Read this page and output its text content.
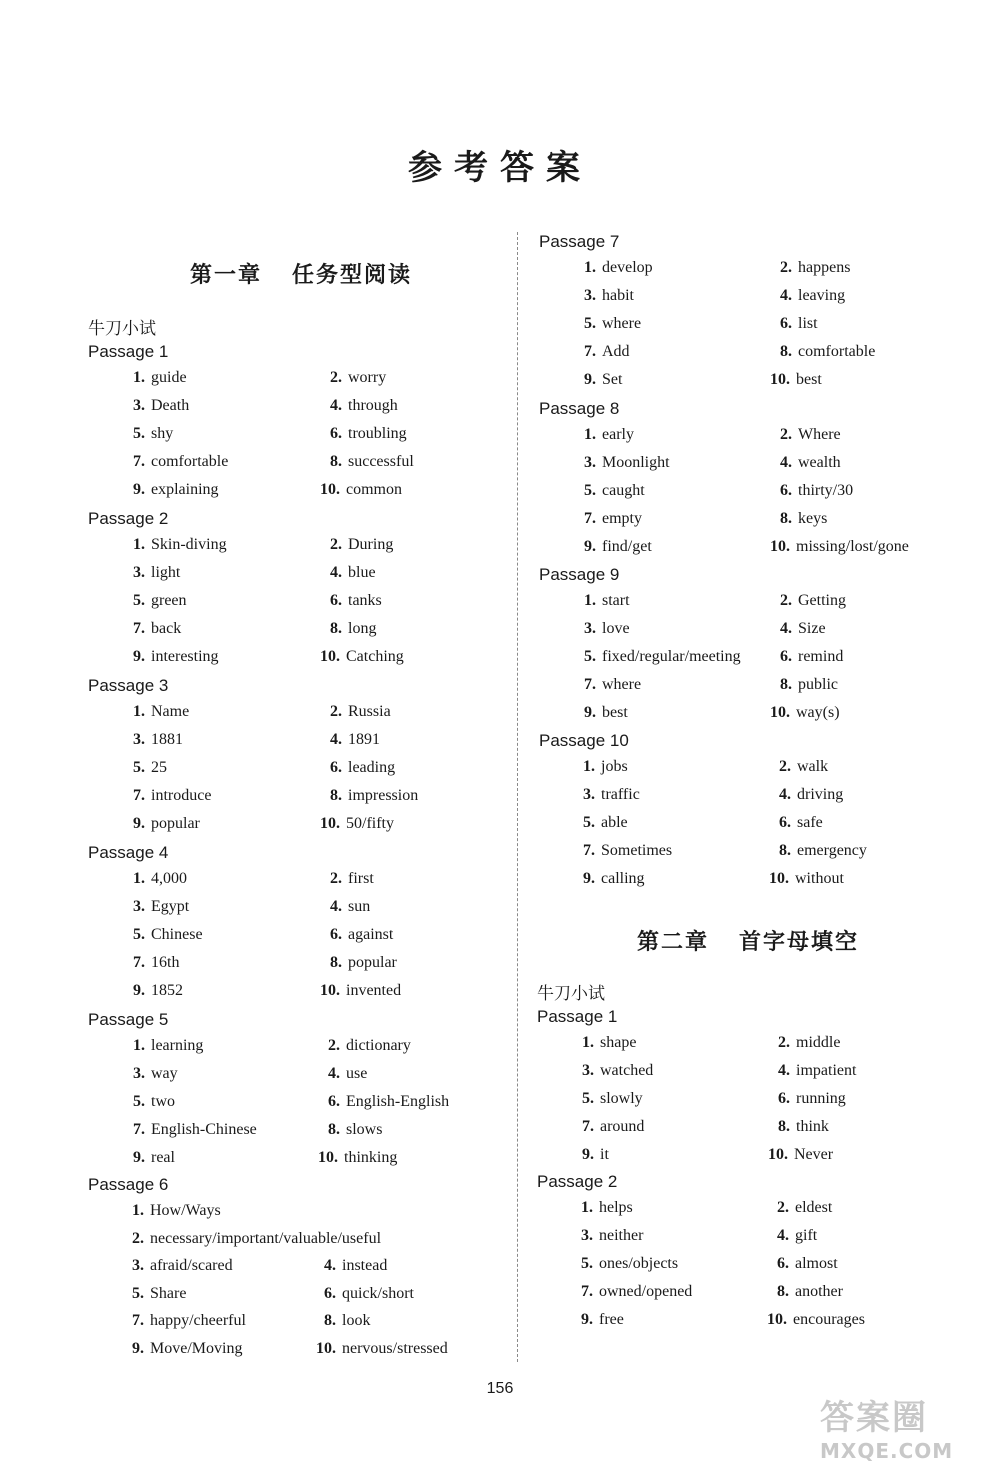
参考答案
第一章 任务型阅读
牛刀小试
第二章 首字母填空
牛刀小试
Passage 1
1. guide	2. worry
3. Death	4. through
5. shy	6. troubling
7. comfortable	8. successful
9. explaining	10. common
Passage 2
1. Skin-diving	2. During
3. light	4. blue
5. green	6. tanks
7. back	8. long
9. interesting	10. Catching
Passage 3
1. Name	2. Russia
3. 1881	4. 1891
5. 25	6. leading
7. introduce	8. impression
9. popular	10. 50/fifty
Passage 4
1. 4,000	2. first
3. Egypt	4. sun
5. Chinese	6. against
7. 16th	8. popular
9. 1852	10. invented
Passage 5
1. learning	2. dictionary
3. way	4. use
5. two	6. English-English
7. English-Chinese	8. slows
9. real	10. thinking
Passage 6
1. How/Ways
2. necessary/important/valuable/useful
3. afraid/scared	4. instead
5. Share	6. quick/short
7. happy/cheerful	8. look
9. Move/Moving	10. nervous/stressed
Passage 7
1. develop	2. happens
3. habit	4. leaving
5. where	6. list
7. Add	8. comfortable
9. Set	10. best
Passage 8
1. early	2. Where
3. Moonlight	4. wealth
5. caught	6. thirty/30
7. empty	8. keys
9. find/get	10. missing/lost/gone
Passage 9
1. start	2. Getting
3. love	4. Size
5. fixed/regular/meeting 6. remind
7. where	8. public
9. best	10. way(s)
Passage 10
1. jobs	2. walk
3. traffic	4. driving
5. able	6. safe
7. Sometimes	8. emergency
9. calling	10. without
Passage 1
1. shape	2. middle
3. watched	4. impatient
5. slowly	6. running
7. around	8. think
9. it	10. Never
Passage 2
1. helps	2. eldest
3. neither	4. gift
5. ones/objects	6. almost
7. owned/opened	8. another
9. free	10. encourages
156
答案圈
MXQE.COM
